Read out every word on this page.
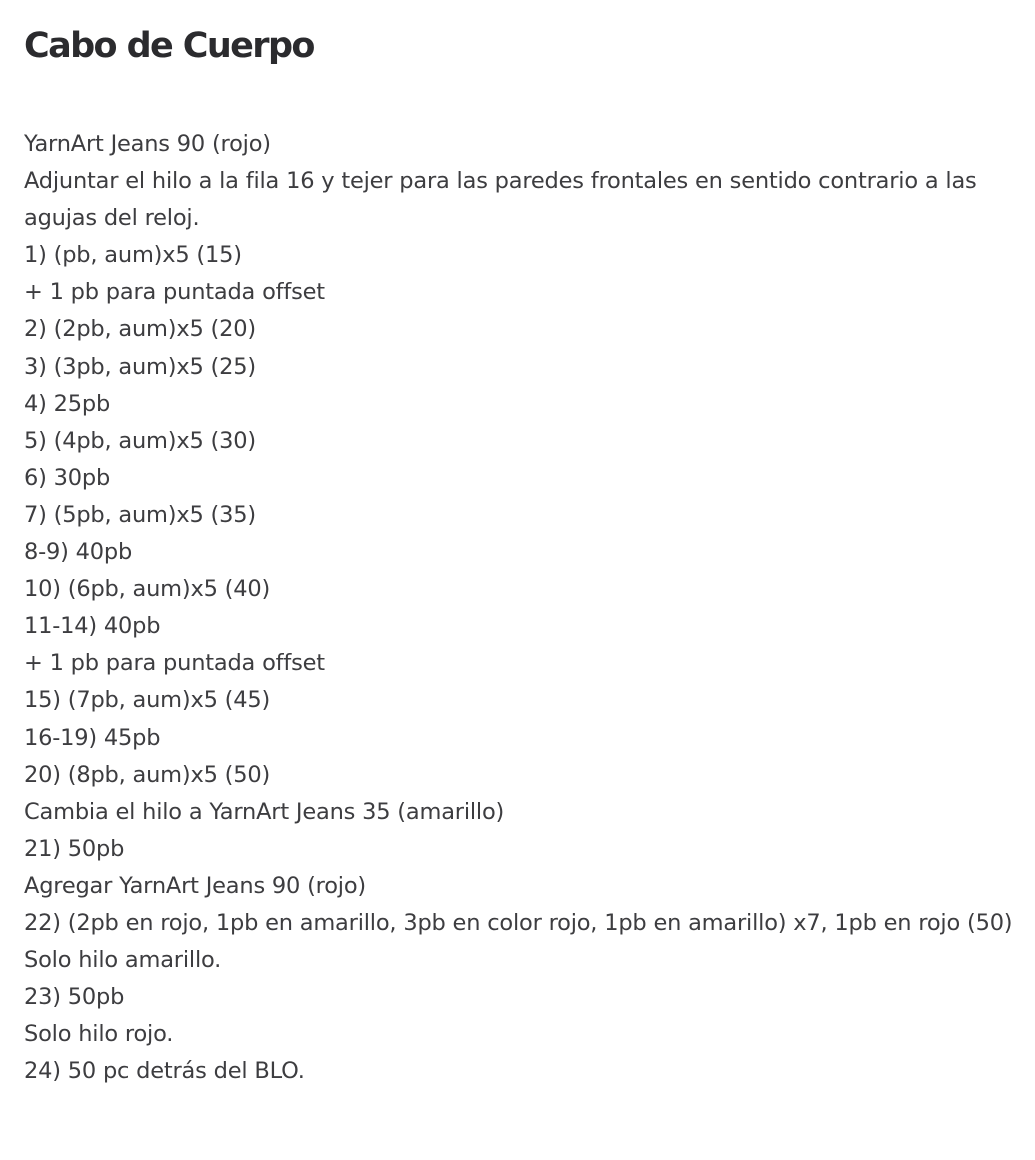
Cabo de Cuerpo
YarnArt Jeans 90 (rojo)
Adjuntar el hilo a la fila 16 y tejer para las paredes frontales en sentido contrario a las agujas del reloj.
1) (pb, aum)x5 (15)
+ 1 pb para puntada offset
2) (2pb, aum)x5 (20)
3) (3pb, aum)x5 (25)
4) 25pb
5) (4pb, aum)x5 (30)
6) 30pb
7) (5pb, aum)x5 (35)
8-9) 40pb
10) (6pb, aum)x5 (40)
11-14) 40pb
+ 1 pb para puntada offset
15) (7pb, aum)x5 (45)
16-19) 45pb
20) (8pb, aum)x5 (50)
Cambia el hilo a YarnArt Jeans 35 (amarillo)
21) 50pb
Agregar YarnArt Jeans 90 (rojo)
22) (2pb en rojo, 1pb en amarillo, 3pb en color rojo, 1pb en amarillo) x7, 1pb en rojo (50)
Solo hilo amarillo.
23) 50pb
Solo hilo rojo.
24) 50 pc detrás del BLO.
